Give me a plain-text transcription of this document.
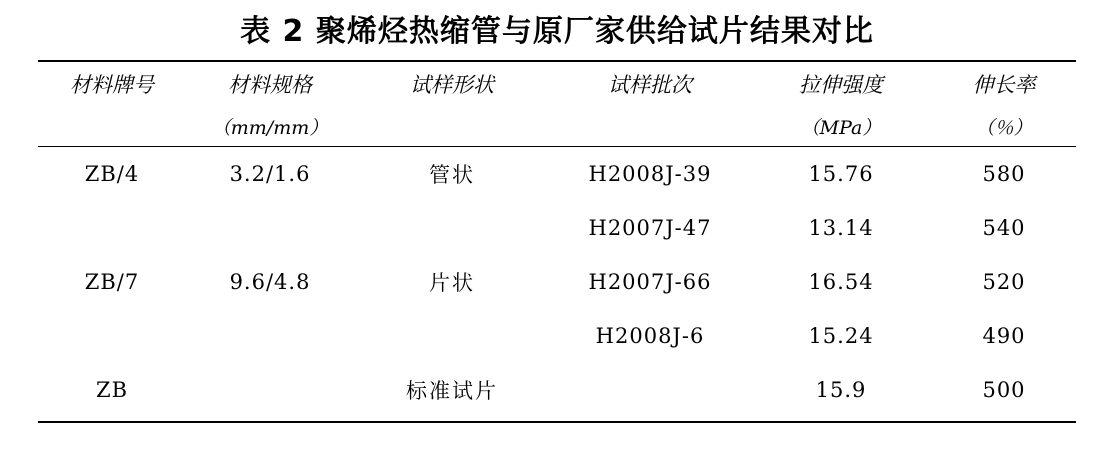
表 2 聚烯烃热缩管与原厂家供给试片结果对比
材料牌号	材料规格	试样形状	试样批次	拉伸强度	伸长率
	（mm/mm）			（MPa）	（％）
ZB/4	3.2/1.6	管状	H2008J-39	15.76	580
			H2007J-47	13.14	540
ZB/7	9.6/4.8	片状	H2007J-66	16.54	520
			H2008J-6	15.24	490
ZB		标准试片		15.9	500
